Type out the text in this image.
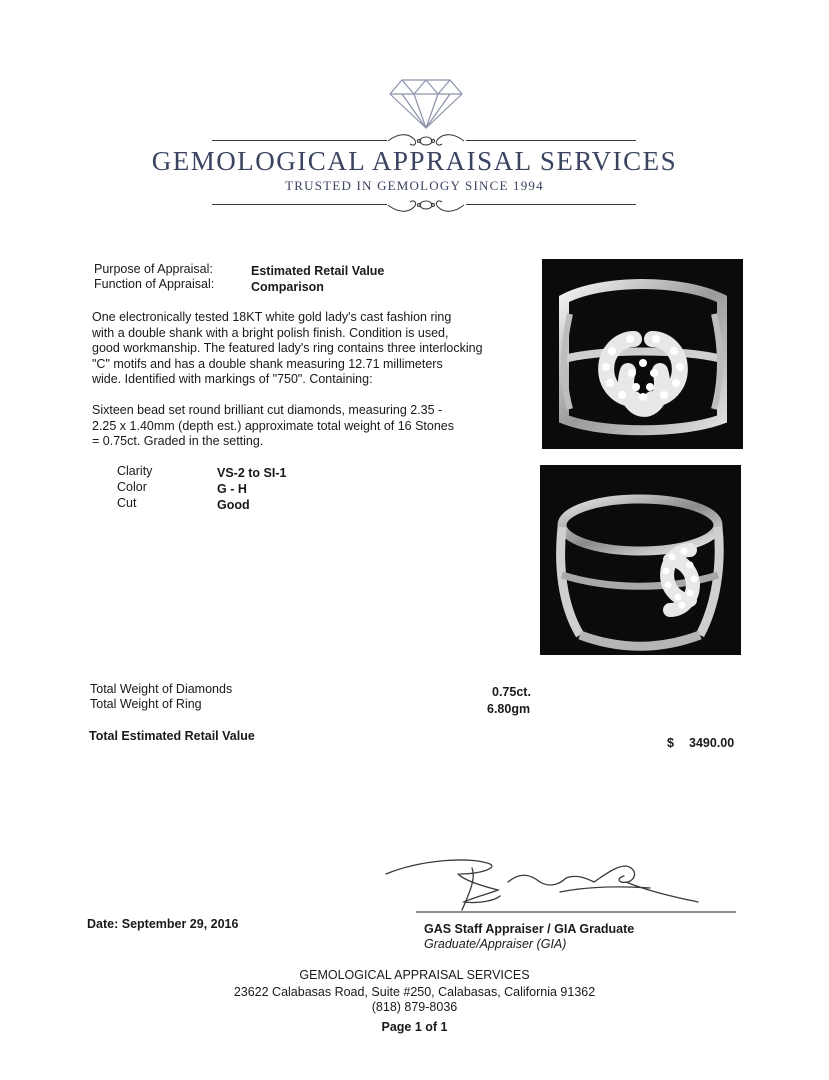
GEMOLOGICAL APPRAISAL SERVICES
TRUSTED IN GEMOLOGY SINCE 1994
Purpose of Appraisal:	Estimated Retail Value
Function of Appraisal:	Comparison
One electronically tested 18KT white gold lady's cast fashion ring
with a double shank with a bright polish finish. Condition is used,
good workmanship. The featured lady's ring contains three interlocking
"C" motifs and has a double shank measuring 12.71 millimeters
wide. Identified with markings of "750". Containing:
Sixteen bead set round brilliant cut diamonds, measuring 2.35 -
2.25 x 1.40mm (depth est.) approximate total weight of 16 Stones
= 0.75ct. Graded in the setting.
Clarity	VS-2 to SI-1
Color	G - H
Cut	Good
Total Weight of Diamonds	0.75ct.
Total Weight of Ring	6.80gm
Total Estimated Retail Value	$ 3490.00
Date: September 29, 2016	GAS Staff Appraiser / GIA Graduate
Graduate/Appraiser (GIA)
GEMOLOGICAL APPRAISAL SERVICES
23622 Calabasas Road, Suite #250, Calabasas, California 91362
(818) 879-8036
Page 1 of 1
